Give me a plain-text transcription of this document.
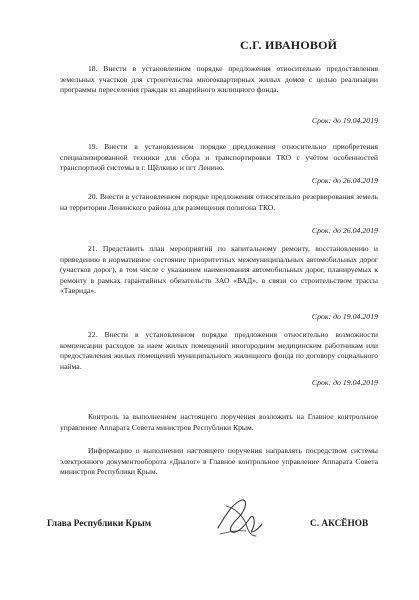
С.Г. ИВАНОВОЙ

18. Внести в установленном порядке предложения относительно предоставления земельных участков для строительства многоквартирных жилых домов с целью реализации программы переселения граждан из аварийного жилищного фонда.

Срок: до 19.04.2019

19. Внести в установленном порядке предложения относительно приобретения специализированной техники для сбора и транспортировки ТКО с учётом особенностей транспортной системы в г. Щёлкино и пгт Ленино.

Срок: до 26.04.2019

20. Внести в установленном порядке предложения относительно резервирования земель на территории Ленинского района для размещения полигона ТКО.

Срок: до 26.04.2019

21. Представить план мероприятий по капитальному ремонту, восстановлению и приведению в нормативное состояние приоритетных межмуниципальных автомобильных дорог (участков дорог), в том числе с указанием наименования автомобильных дорог, планируемых к ремонту в рамках гарантийных обязательств ЗАО «ВАД», в связи со строительством трассы «Таврида».

Срок: до 19.04.2019

22. Внести в установленном порядке предложения относительно возможности компенсации расходов за наем жилых помещений иногородним медицинским работникам или предоставления жилых помещений муниципального жилищного фонда по договору социального найма.

Срок: до 19.04.2019

Контроль за выполнением настоящего поручения возложить на Главное контрольное управление Аппарата Совета министров Республики Крым.

Информацию о выполнении настоящего поручения направлять посредством системы электронного документооборота «Диалог» в Главное контрольное управление Аппарата Совета министров Республики Крым.

Глава Республики Крым	С. АКСЁНОВ
